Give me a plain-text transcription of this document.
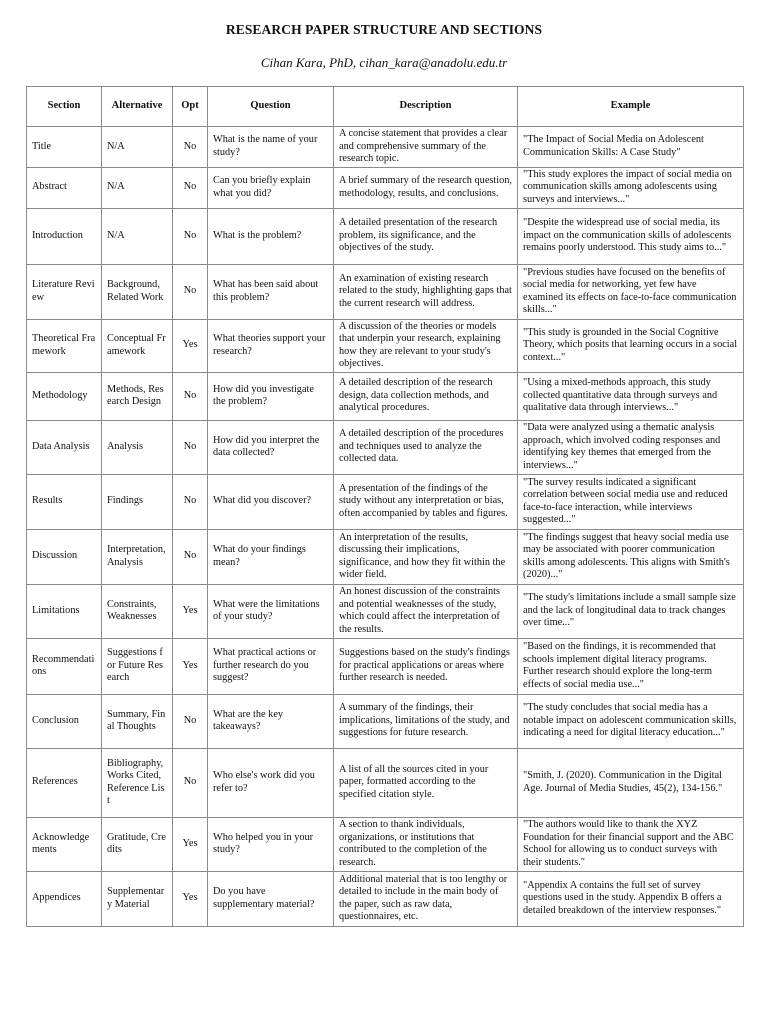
RESEARCH PAPER STRUCTURE AND SECTIONS
Cihan Kara, PhD, cihan_kara@anadolu.edu.tr
Section	Alternative	Opt	Question	Description	Example
Title	N/A	No	What is the name of your study?	A concise statement that provides a clear and comprehensive summary of the research topic.	"The Impact of Social Media on Adolescent Communication Skills: A Case Study"
Abstract	N/A	No	Can you briefly explain what you did?	A brief summary of the research question, methodology, results, and conclusions.	"This study explores the impact of social media on communication skills among adolescents using surveys and interviews..."
Introduction	N/A	No	What is the problem?	A detailed presentation of the research problem, its significance, and the objectives of the study.	"Despite the widespread use of social media, its impact on the communication skills of adolescents remains poorly understood. This study aims to..."
Literature Review	Background, Related Work	No	What has been said about this problem?	An examination of existing research related to the study, highlighting gaps that the current research will address.	"Previous studies have focused on the benefits of social media for networking, yet few have examined its effects on face-to-face communication skills..."
Theoretical Framework	Conceptual Framework	Yes	What theories support your research?	A discussion of the theories or models that underpin your research, explaining how they are relevant to your study's objectives.	"This study is grounded in the Social Cognitive Theory, which posits that learning occurs in a social context..."
Methodology	Methods, Research Design	No	How did you investigate the problem?	A detailed description of the research design, data collection methods, and analytical procedures.	"Using a mixed-methods approach, this study collected quantitative data through surveys and qualitative data through interviews..."
Data Analysis	Analysis	No	How did you interpret the data collected?	A detailed description of the procedures and techniques used to analyze the collected data.	"Data were analyzed using a thematic analysis approach, which involved coding responses and identifying key themes that emerged from the interviews..."
Results	Findings	No	What did you discover?	A presentation of the findings of the study without any interpretation or bias, often accompanied by tables and figures.	"The survey results indicated a significant correlation between social media use and reduced face-to-face interaction, while interviews suggested..."
Discussion	Interpretation, Analysis	No	What do your findings mean?	An interpretation of the results, discussing their implications, significance, and how they fit within the wider field.	"The findings suggest that heavy social media use may be associated with poorer communication skills among adolescents. This aligns with Smith's (2020)..."
Limitations	Constraints, Weaknesses	Yes	What were the limitations of your study?	An honest discussion of the constraints and potential weaknesses of the study, which could affect the interpretation of the results.	"The study's limitations include a small sample size and the lack of longitudinal data to track changes over time..."
Recommendations	Suggestions for Future Research	Yes	What practical actions or further research do you suggest?	Suggestions based on the study's findings for practical applications or areas where further research is needed.	"Based on the findings, it is recommended that schools implement digital literacy programs. Further research should explore the long-term effects of social media use..."
Conclusion	Summary, Final Thoughts	No	What are the key takeaways?	A summary of the findings, their implications, limitations of the study, and suggestions for future research.	"The study concludes that social media has a notable impact on adolescent communication skills, indicating a need for digital literacy education..."
References	Bibliography, Works Cited, Reference List	No	Who else's work did you refer to?	A list of all the sources cited in your paper, formatted according to the specified citation style.	"Smith, J. (2020). Communication in the Digital Age. Journal of Media Studies, 45(2), 134-156."
Acknowledgements	Gratitude, Credits	Yes	Who helped you in your study?	A section to thank individuals, organizations, or institutions that contributed to the completion of the research.	"The authors would like to thank the XYZ Foundation for their financial support and the ABC School for allowing us to conduct surveys with their students."
Appendices	Supplementary Material	Yes	Do you have supplementary material?	Additional material that is too lengthy or detailed to include in the main body of the paper, such as raw data, questionnaires, etc.	"Appendix A contains the full set of survey questions used in the study. Appendix B offers a detailed breakdown of the interview responses."
